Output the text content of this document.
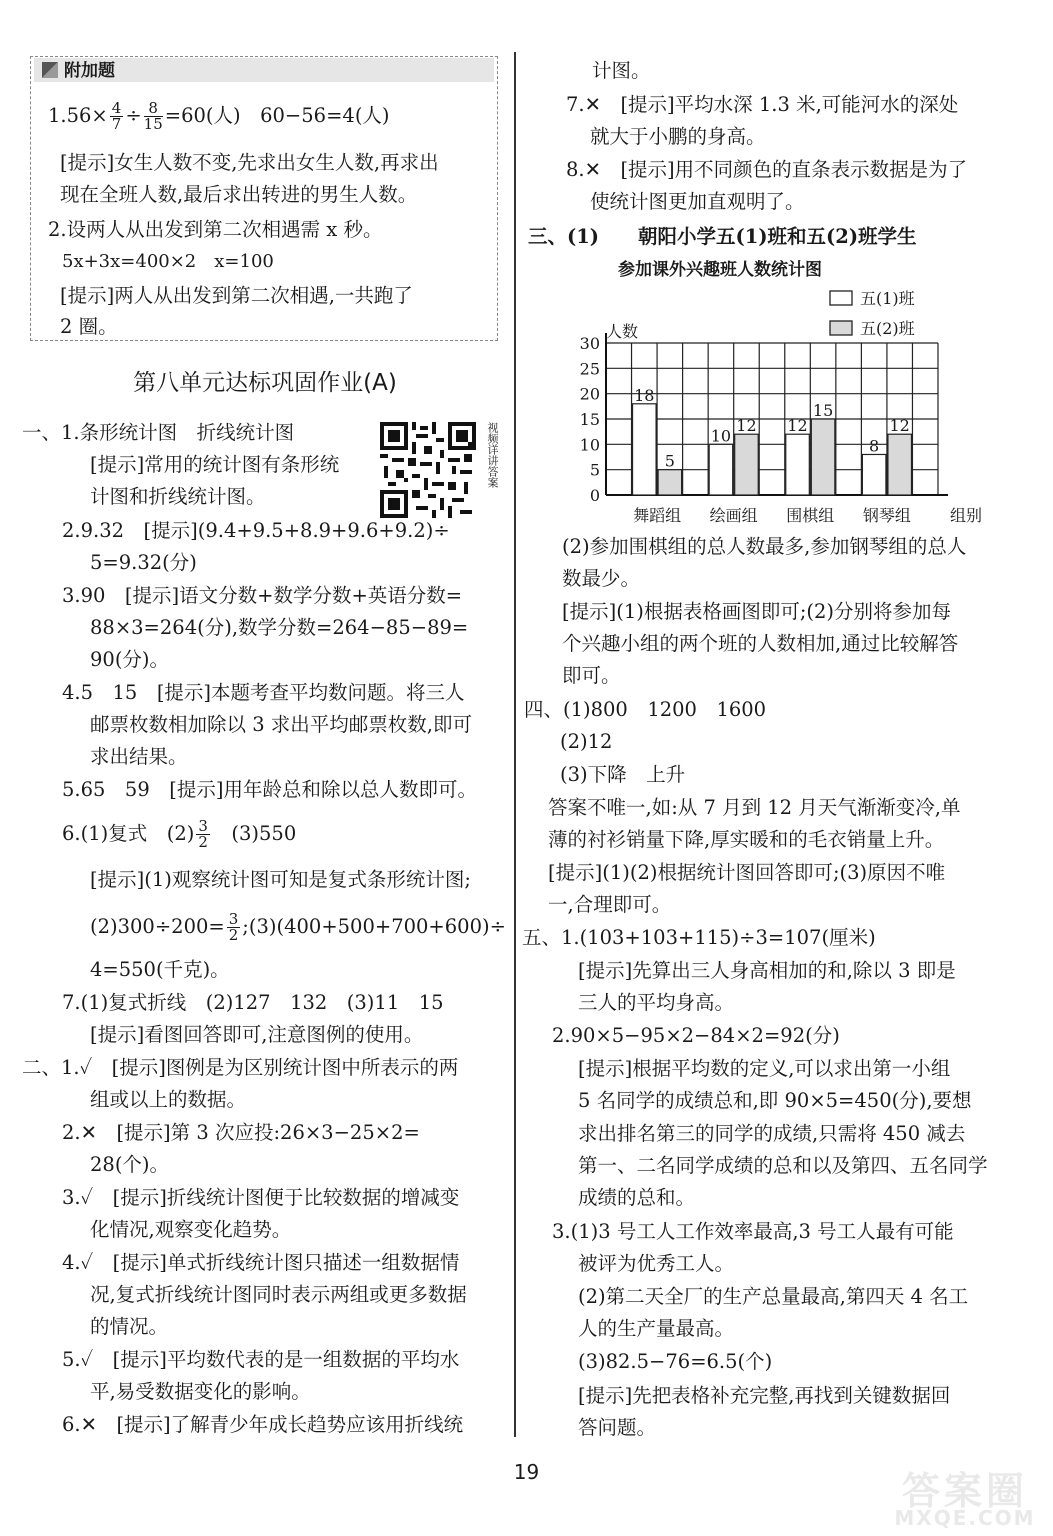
附加题
$1.56\times \frac{4}{7} \div \frac{8}{15} =60$(人)　60−56=4(人)
[提示]女生人数不变,先求出女生人数,再求出
现在全班人数,最后求出转进的男生人数。
2.设两人从出发到第二次相遇需 x 秒。
5x+3x=400×2　x=100
[提示]两人从出发到第二次相遇,一共跑了
2 圈。
第八单元达标巩固作业(A)
视频详讲答案
一、1.条形统计图　折线统计图
[提示]常用的统计图有条形统
计图和折线统计图。
2.9.32　[提示](9.4+9.5+8.9+9.6+9.2)÷
5=9.32(分)
3.90　[提示]语文分数+数学分数+英语分数=
88×3=264(分),数学分数=264−85−89=
90(分)。
4.5　15　[提示]本题考查平均数问题。将三人
邮票枚数相加除以 3 求出平均邮票枚数,即可
求出结果。
5.65　59　[提示]用年龄总和除以总人数即可。
[提示](1)观察统计图可知是复式条形统计图;
4=550(千克)。
7.(1)复式折线　(2)127　132　(3)11　15
[提示]看图回答即可,注意图例的使用。
二、1.✓　[提示]图例是为区别统计图中所表示的两
组或以上的数据。
2.✕　[提示]第 3 次应投:26×3−25×2=
28(个)。
3.✓　[提示]折线统计图便于比较数据的增减变
化情况,观察变化趋势。
4.✓　[提示]单式折线统计图只描述一组数据情
况,复式折线统计图同时表示两组或更多数据
的情况。
5.✓　[提示]平均数代表的是一组数据的平均水
平,易受数据变化的影响。
6.✕　[提示]了解青少年成长趋势应该用折线统
6.(1)复式　$(2) \frac{3}{2}$ 　(3)550
$(2)300\div 200= \frac{3}{2}$ ;(3)(400+500+700+600)÷
计图。
7.✕　[提示]平均水深 1.3 米,可能河水的深处
就大于小鹏的身高。
8.✕　[提示]用不同颜色的直条表示数据是为了
使统计图更加直观明了。
三、(1)　　朝阳小学五(1)班和五(2)班学生
(2)参加围棋组的总人数最多,参加钢琴组的总人
数最少。
[提示](1)根据表格画图即可;(2)分别将参加每
个兴趣小组的两个班的人数相加,通过比较解答
即可。
四、(1)800　1200　1600
(2)12
(3)下降　上升
答案不唯一,如:从 7 月到 12 月天气渐渐变冷,单
薄的衬衫销量下降,厚实暖和的毛衣销量上升。
[提示](1)(2)根据统计图回答即可;(3)原因不唯
一,合理即可。
五、1.(103+103+115)÷3=107(厘米)
[提示]先算出三人身高相加的和,除以 3 即是
三人的平均身高。
2.90×5−95×2−84×2=92(分)
[提示]根据平均数的定义,可以求出第一小组
5 名同学的成绩总和,即 90×5=450(分),要想
求出排名第三的同学的成绩,只需将 450 减去
第一、二名同学成绩的总和以及第四、五名同学
成绩的总和。
3.(1)3 号工人工作效率最高,3 号工人最有可能
被评为优秀工人。
(2)第二天全厂的生产总量最高,第四天 4 名工
人的生产量最高。
(3)82.5−76=6.5(个)
[提示]先把表格补充完整,再找到关键数据回
答问题。
参加课外兴趣班人数统计图
0
5
10
15
20
25
30
人数
组别
18
5
舞蹈组
10
12
绘画组
12
15
围棋组
8
12
钢琴组
五(1)班
五(2)班
19	答案圈
MXQE.COM
